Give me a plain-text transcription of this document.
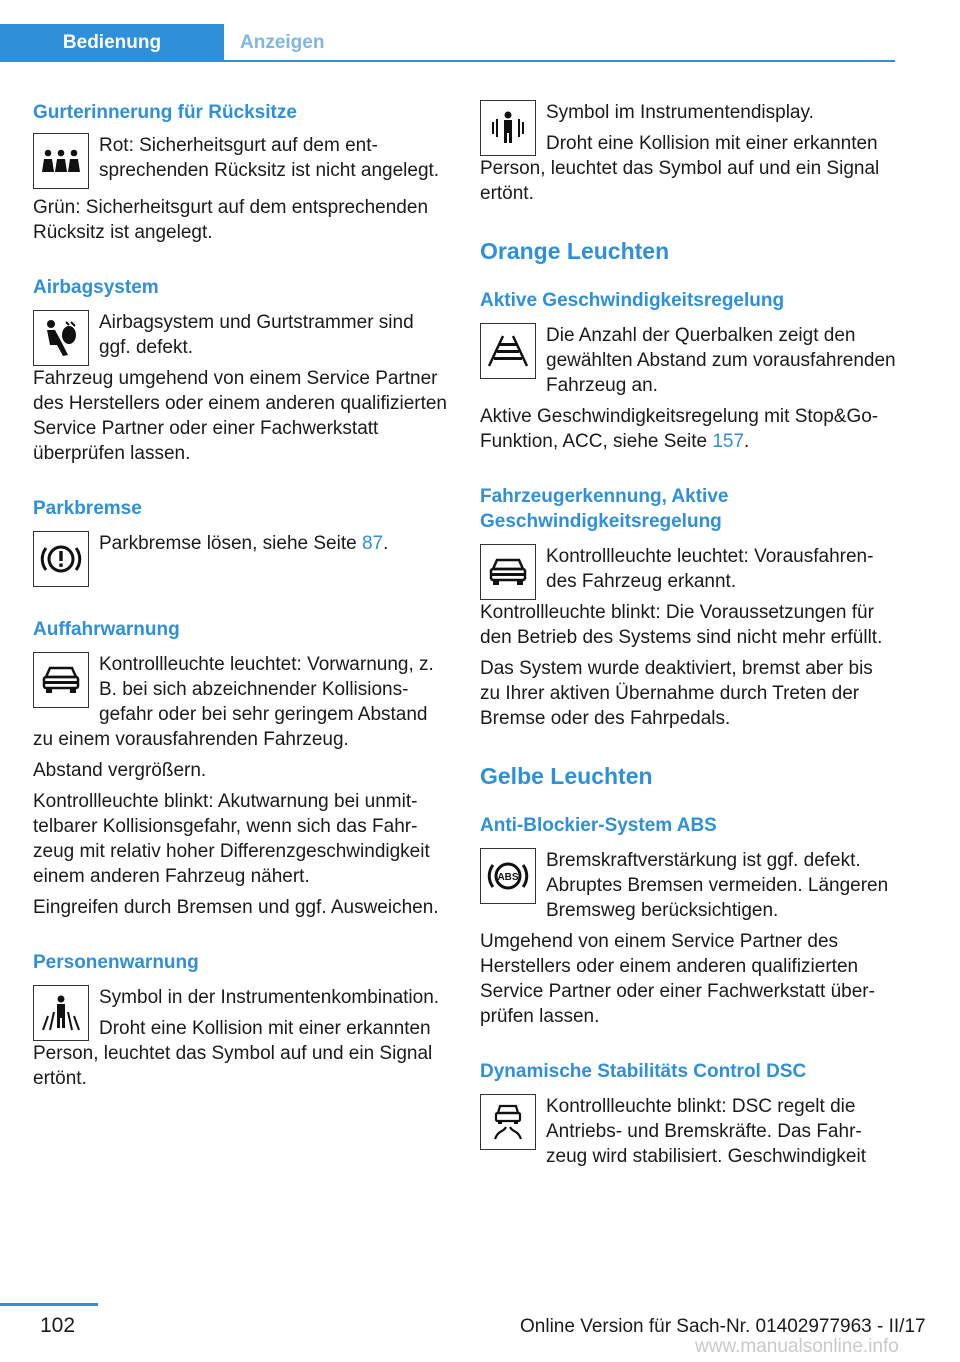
Bedienung	Anzeigen
Gurterinnerung für Rücksitze
Rot: Sicherheitsgurt auf dem entsprechenden Rücksitz ist nicht angelegt.
Grün: Sicherheitsgurt auf dem entsprechenden Rücksitz ist angelegt.
Airbagsystem
Airbagsystem und Gurtstrammer sind ggf. defekt.
Fahrzeug umgehend von einem Service Partner des Herstellers oder einem anderen qualifizierten Service Partner oder einer Fachwerkstatt überprüfen lassen.
Parkbremse
Parkbremse lösen, siehe Seite 87.
Auffahrwarnung
Kontrollleuchte leuchtet: Vorwarnung, z. B. bei sich abzeichnender Kollisionsgefahr oder bei sehr geringem Abstand zu einem vorausfahrenden Fahrzeug.
Abstand vergrößern.
Kontrollleuchte blinkt: Akutwarnung bei unmittelbarer Kollisionsgefahr, wenn sich das Fahrzeug mit relativ hoher Differenzgeschwindigkeit einem anderen Fahrzeug nähert.
Eingreifen durch Bremsen und ggf. Ausweichen.
Personenwarnung
Symbol in der Instrumentenkombination.
Droht eine Kollision mit einer erkannten Person, leuchtet das Symbol auf und ein Signal ertönt.
Symbol im Instrumentendisplay.
Droht eine Kollision mit einer erkannten Person, leuchtet das Symbol auf und ein Signal ertönt.
Orange Leuchten
Aktive Geschwindigkeitsregelung
Die Anzahl der Querbalken zeigt den gewählten Abstand zum vorausfahrenden Fahrzeug an.
Aktive Geschwindigkeitsregelung mit Stop&Go-Funktion, ACC, siehe Seite 157.
Fahrzeugerkennung, Aktive Geschwindigkeitsregelung
Kontrollleuchte leuchtet: Vorausfahrendes Fahrzeug erkannt.
Kontrollleuchte blinkt: Die Voraussetzungen für den Betrieb des Systems sind nicht mehr erfüllt.
Das System wurde deaktiviert, bremst aber bis zu Ihrer aktiven Übernahme durch Treten der Bremse oder des Fahrpedals.
Gelbe Leuchten
Anti-Blockier-System ABS
ABS
Bremskraftverstärkung ist ggf. defekt. Abruptes Bremsen vermeiden. Längeren Bremsweg berücksichtigen.
Umgehend von einem Service Partner des Herstellers oder einem anderen qualifizierten Service Partner oder einer Fachwerkstatt überprüfen lassen.
Dynamische Stabilitäts Control DSC
Kontrollleuchte blinkt: DSC regelt die Antriebs- und Bremskräfte. Das Fahrzeug wird stabilisiert. Geschwindigkeit
102	Online Version für Sach-Nr. 01402977963 - II/17
www.manualsonline.info
